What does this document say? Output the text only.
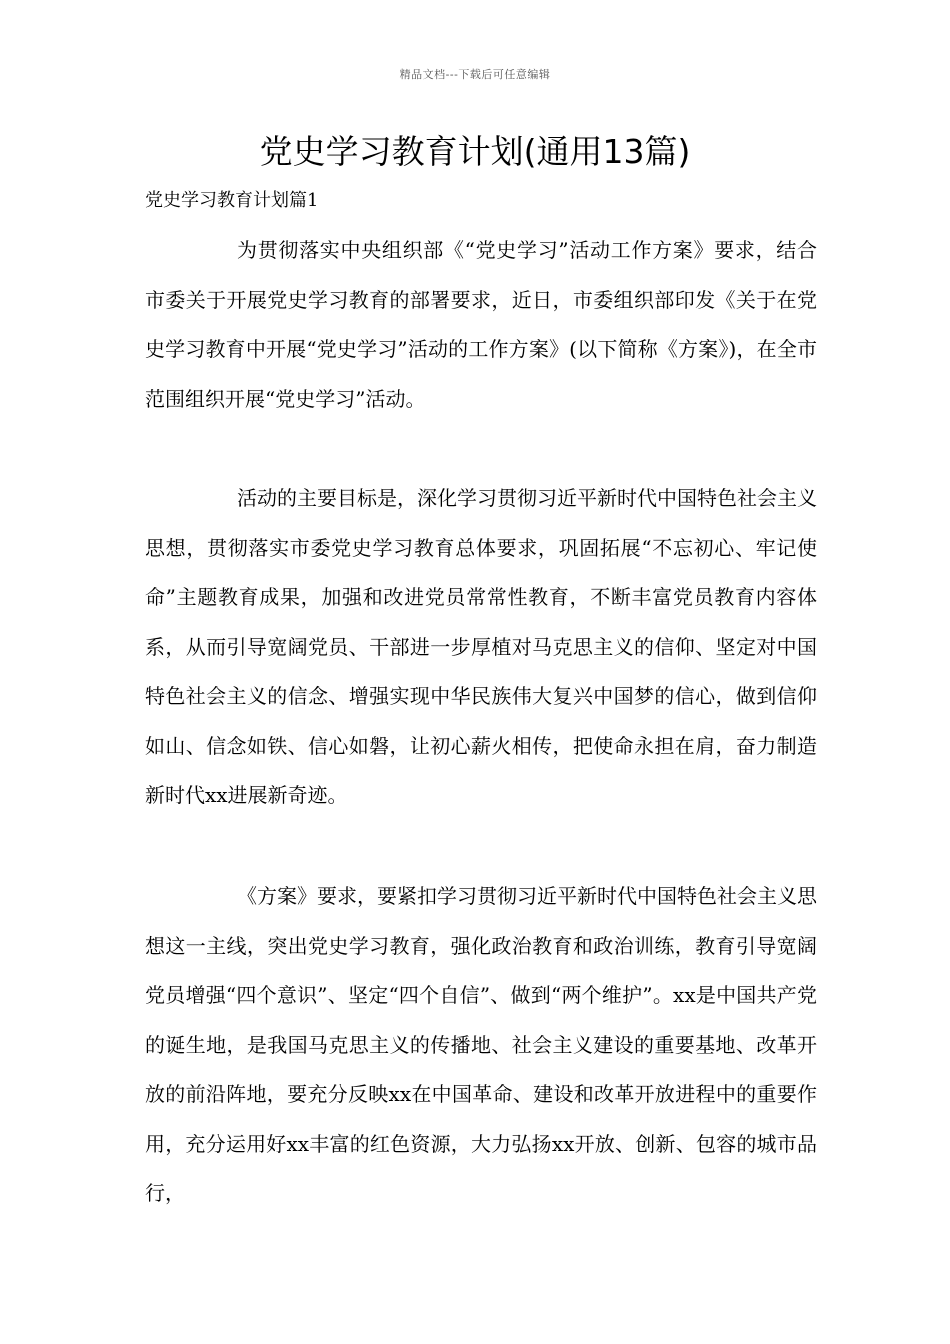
精品文档---下载后可任意编辑
党史学习教育计划(通用13篇)
党史学习教育计划篇1

为贯彻落实中央组织部《“党史学习”活动工作方案》要求，结合市委关于开展党史学习教育的部署要求，近日，市委组织部印发《关于在党史学习教育中开展“党史学习”活动的工作方案》(以下简称《方案》)，在全市范围组织开展“党史学习”活动。

活动的主要目标是，深化学习贯彻习近平新时代中国特色社会主义思想，贯彻落实市委党史学习教育总体要求，巩固拓展“不忘初心、牢记使命”主题教育成果，加强和改进党员常常性教育，不断丰富党员教育内容体系，从而引导宽阔党员、干部进一步厚植对马克思主义的信仰、坚定对中国特色社会主义的信念、增强实现中华民族伟大复兴中国梦的信心，做到信仰如山、信念如铁、信心如磐，让初心薪火相传，把使命永担在肩，奋力制造新时代xx进展新奇迹。

《方案》要求，要紧扣学习贯彻习近平新时代中国特色社会主义思想这一主线，突出党史学习教育，强化政治教育和政治训练，教育引导宽阔党员增强“四个意识”、坚定“四个自信”、做到“两个维护”。xx是中国共产党的诞生地，是我国马克思主义的传播地、社会主义建设的重要基地、改革开放的前沿阵地，要充分反映xx在中国革命、建设和改革开放进程中的重要作用，充分运用好xx丰富的红色资源，大力弘扬xx开放、创新、包容的城市品行，
